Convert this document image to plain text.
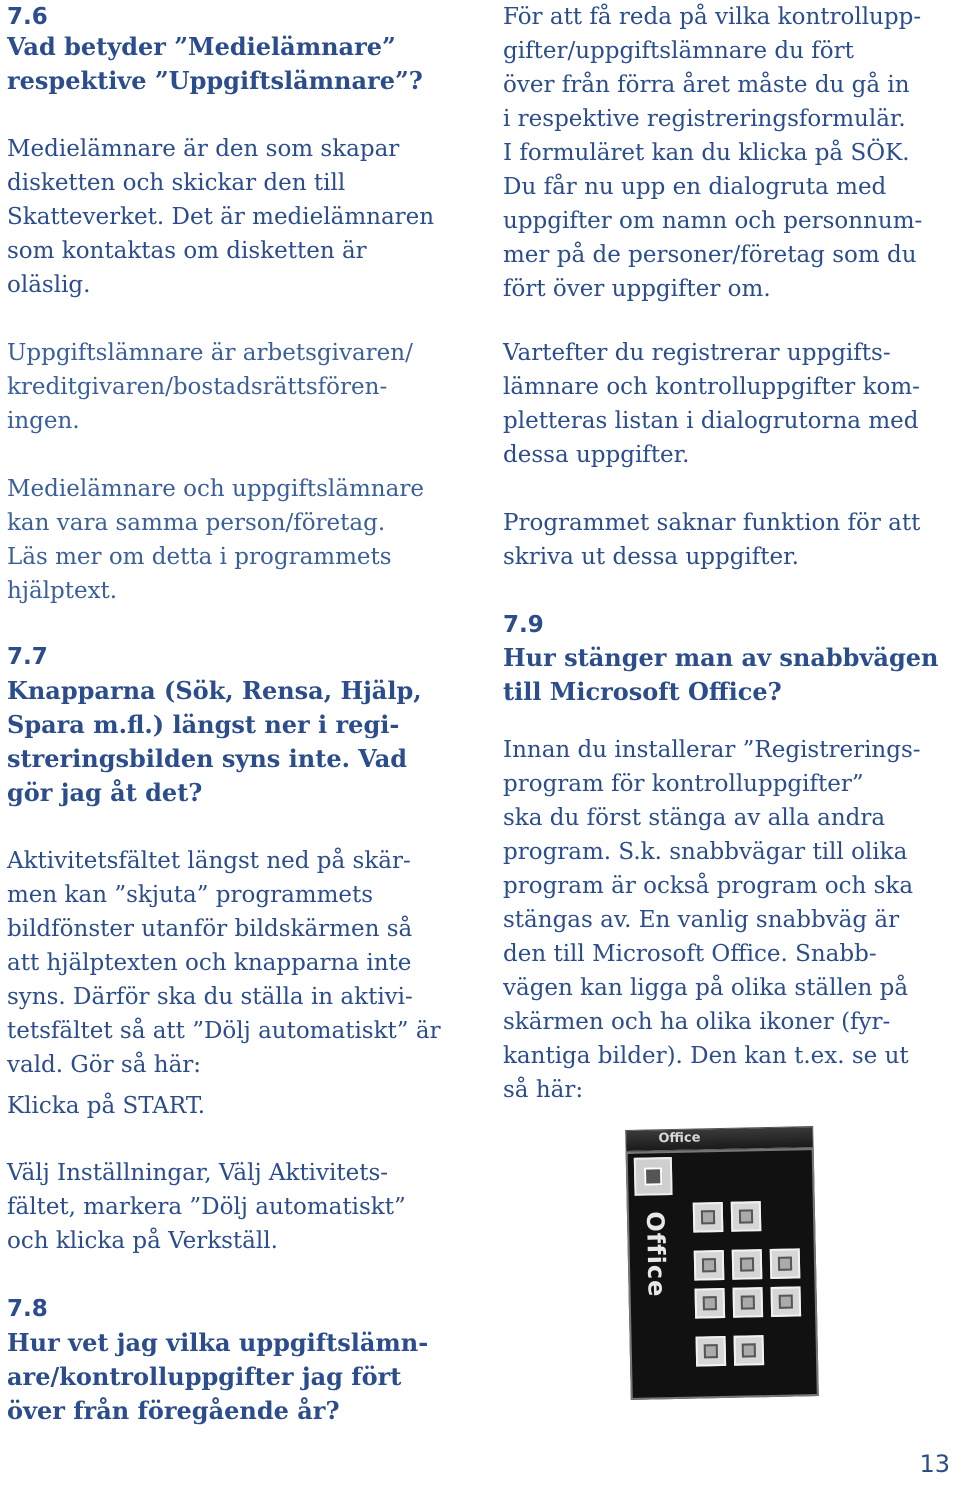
7.6

Vad betyder ”Medielämnare”

respektive ”Uppgiftslämnare”?

Medielämnare är den som skapar

disketten och skickar den till

Skatteverket. Det är medielämnaren

som kontaktas om disketten är

oläslig.

Uppgiftslämnare är arbetsgivaren/

kreditgivaren/bostadsrättsfören-

ingen.

Medielämnare och uppgiftslämnare

kan vara samma person/företag.

Läs mer om detta i programmets

hjälptext.

7.7

Knapparna (Sök, Rensa, Hjälp,

Spara m.fl.) längst ner i regi-

streringsbilden syns inte. Vad

gör jag åt det?

Aktivitetsfältet längst ned på skär-

men kan ”skjuta” programmets

bildfönster utanför bildskärmen så

att hjälptexten och knapparna inte

syns. Därför ska du ställa in aktivi-

tetsfältet så att ”Dölj automatiskt” är

vald. Gör så här:

Klicka på START.

Välj Inställningar, Välj Aktivitets-

fältet, markera ”Dölj automatiskt”

och klicka på Verkställ.

7.8

Hur vet jag vilka uppgiftslämn-

are/kontrolluppgifter jag fört

över från föregående år?

För att få reda på vilka kontrollupp-

gifter/uppgiftslämnare du fört

över från förra året måste du gå in

i respektive registreringsformulär.

I formuläret kan du klicka på SÖK.

Du får nu upp en dialogruta med

uppgifter om namn och personnum-

mer på de personer/företag som du

fört över uppgifter om.

Vartefter du registrerar uppgifts-

lämnare och kontrolluppgifter kom-

pletteras listan i dialogrutorna med

dessa uppgifter.

Programmet saknar funktion för att

skriva ut dessa uppgifter.

7.9

Hur stänger man av snabbvägen

till Microsoft Office?

Innan du installerar ”Registrerings-

program för kontrolluppgifter”

ska du först stänga av alla andra

program. S.k. snabbvägar till olika

program är också program och ska

stängas av. En vanlig snabbväg är

den till Microsoft Office. Snabb-

vägen kan ligga på olika ställen på

skärmen och ha olika ikoner (fyr-

kantiga bilder). Den kan t.ex. se ut

så här:

Office
Office
13
